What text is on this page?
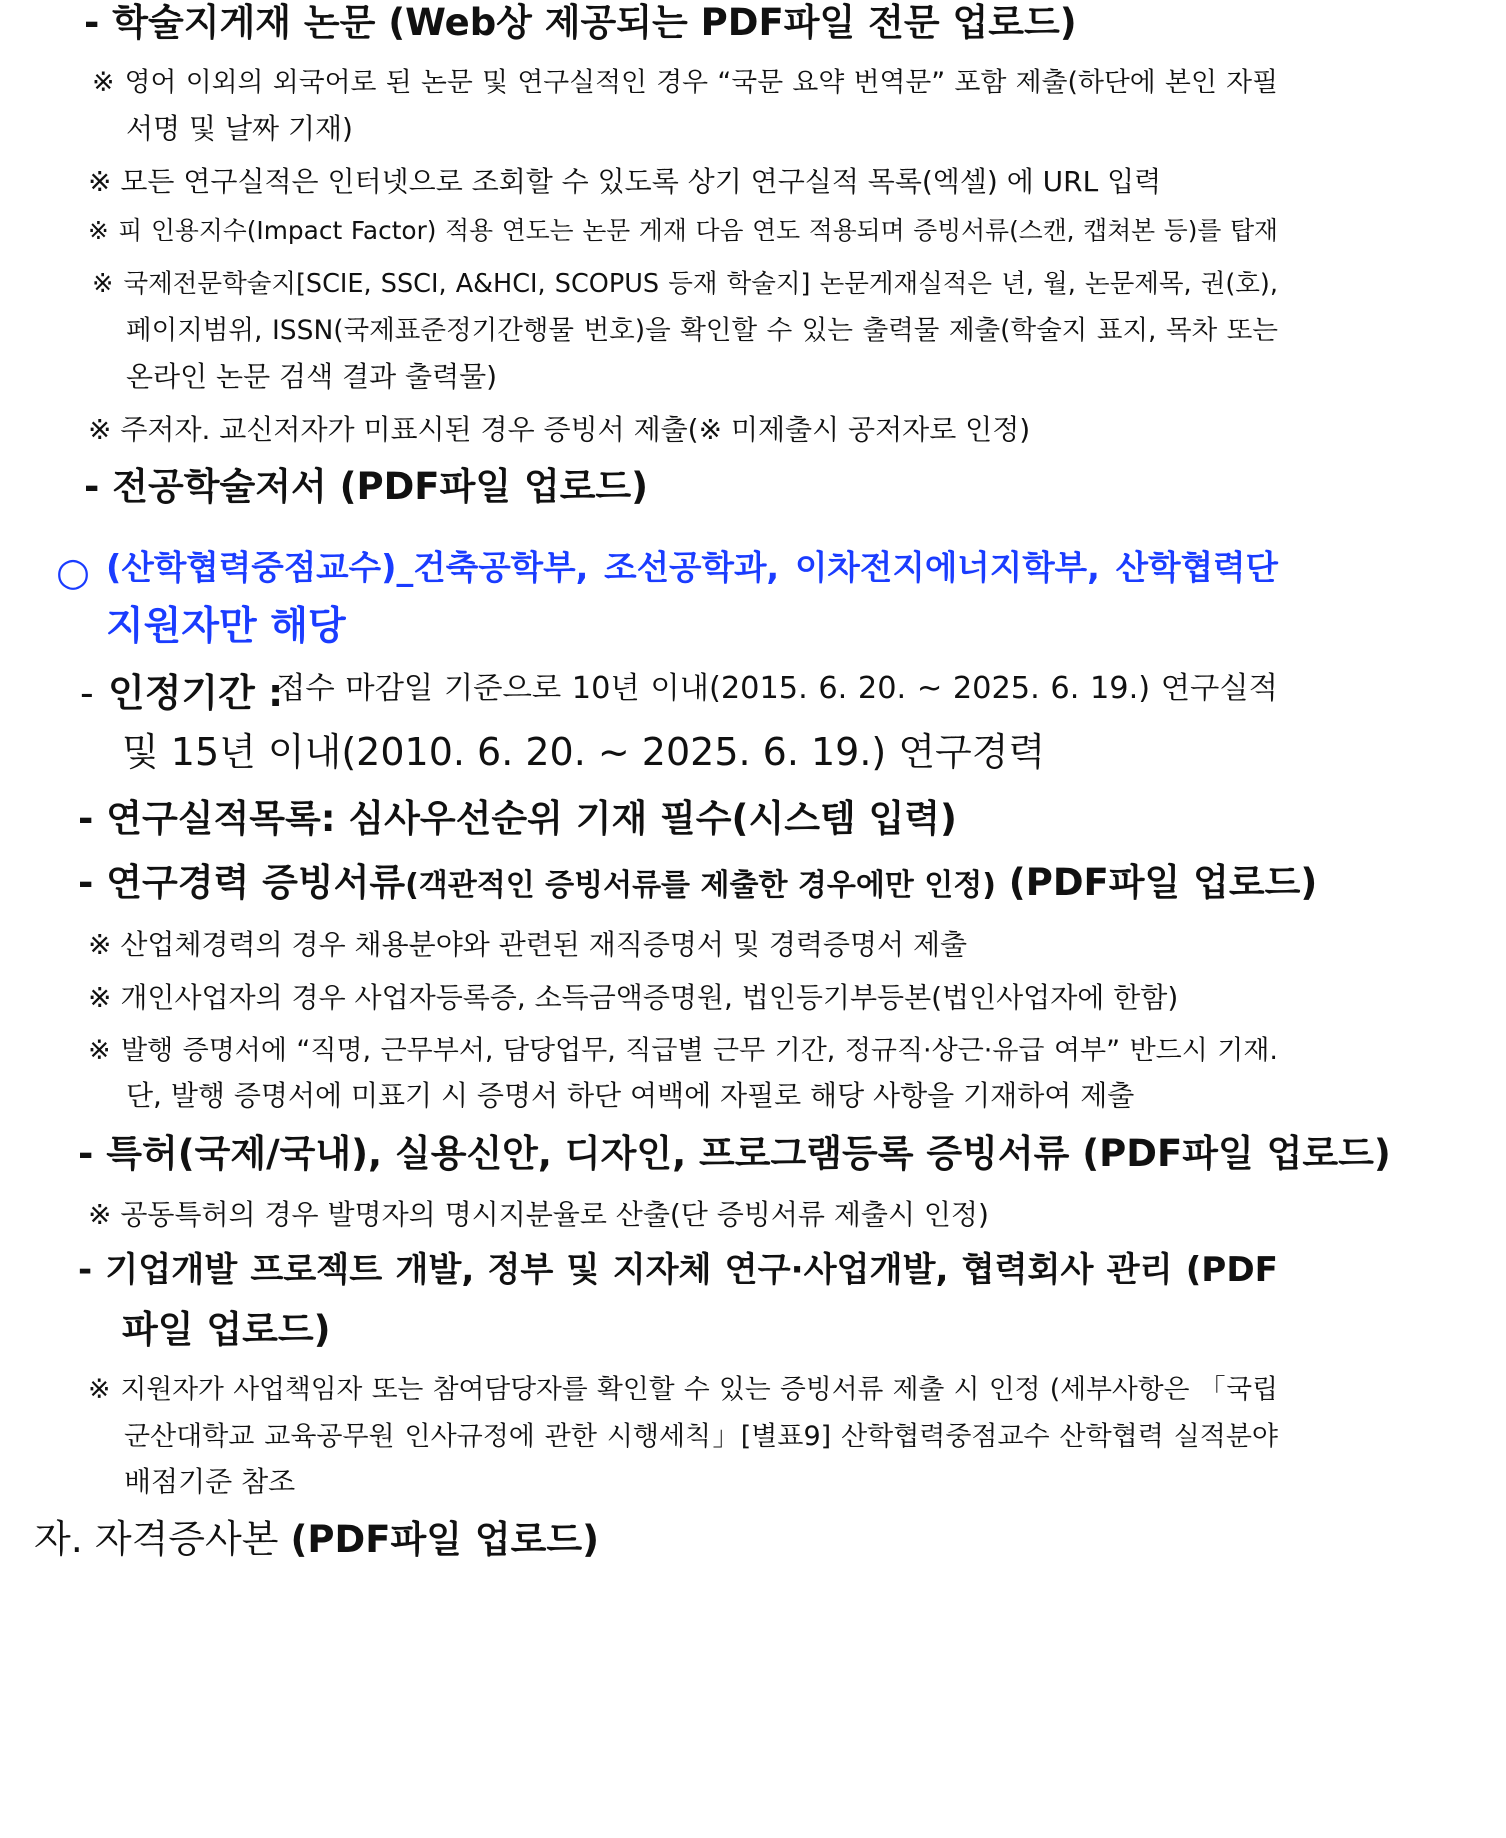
- 학술지게재 논문 (Web상 제공되는 PDF파일 전문 업로드)
※ 영어 이외의 외국어로 된 논문 및 연구실적인 경우 “국문 요약 번역문” 포함 제출(하단에 본인 자필
서명 및 날짜 기재)
※ 모든 연구실적은 인터넷으로 조회할 수 있도록 상기 연구실적 목록(엑셀) 에 URL 입력
※ 피 인용지수(Impact Factor) 적용 연도는 논문 게재 다음 연도 적용되며 증빙서류(스캔, 캡쳐본 등)를 탑재
※ 국제전문학술지[SCIE, SSCI, A&HCI, SCOPUS 등재 학술지] 논문게재실적은 년, 월, 논문제목, 권(호),
페이지범위, ISSN(국제표준정기간행물 번호)을 확인할 수 있는 출력물 제출(학술지 표지, 목차 또는
온라인 논문 검색 결과 출력물)
※ 주저자. 교신저자가 미표시된 경우 증빙서 제출(※ 미제출시 공저자로 인정)
- 전공학술저서 (PDF파일 업로드)
○ (산학협력중점교수)_건축공학부, 조선공학과, 이차전지에너지학부, 산학협력단
지원자만 해당
- 인정기간 :
접수 마감일 기준으로 10년 이내(2015. 6. 20. ~ 2025. 6. 19.) 연구실적
및 15년 이내(2010. 6. 20. ~ 2025. 6. 19.) 연구경력
- 연구실적목록: 심사우선순위 기재 필수(시스템 입력)
- 연구경력 증빙서류(객관적인 증빙서류를 제출한 경우에만 인정) (PDF파일 업로드)
※ 산업체경력의 경우 채용분야와 관련된 재직증명서 및 경력증명서 제출
※ 개인사업자의 경우 사업자등록증, 소득금액증명원, 법인등기부등본(법인사업자에 한함)
※ 발행 증명서에 “직명, 근무부서, 담당업무, 직급별 근무 기간, 정규직·상근·유급 여부” 반드시 기재.
단, 발행 증명서에 미표기 시 증명서 하단 여백에 자필로 해당 사항을 기재하여 제출
- 특허(국제/국내), 실용신안, 디자인, 프로그램등록 증빙서류 (PDF파일 업로드)
※ 공동특허의 경우 발명자의 명시지분율로 산출(단 증빙서류 제출시 인정)
- 기업개발 프로젝트 개발, 정부 및 지자체 연구·사업개발, 협력회사 관리 (PDF
파일 업로드)
※ 지원자가 사업책임자 또는 참여담당자를 확인할 수 있는 증빙서류 제출 시 인정 (세부사항은 「국립
군산대학교 교육공무원 인사규정에 관한 시행세칙」[별표9] 산학협력중점교수 산학협력 실적분야
배점기준 참조
자. 자격증사본 (PDF파일 업로드)
